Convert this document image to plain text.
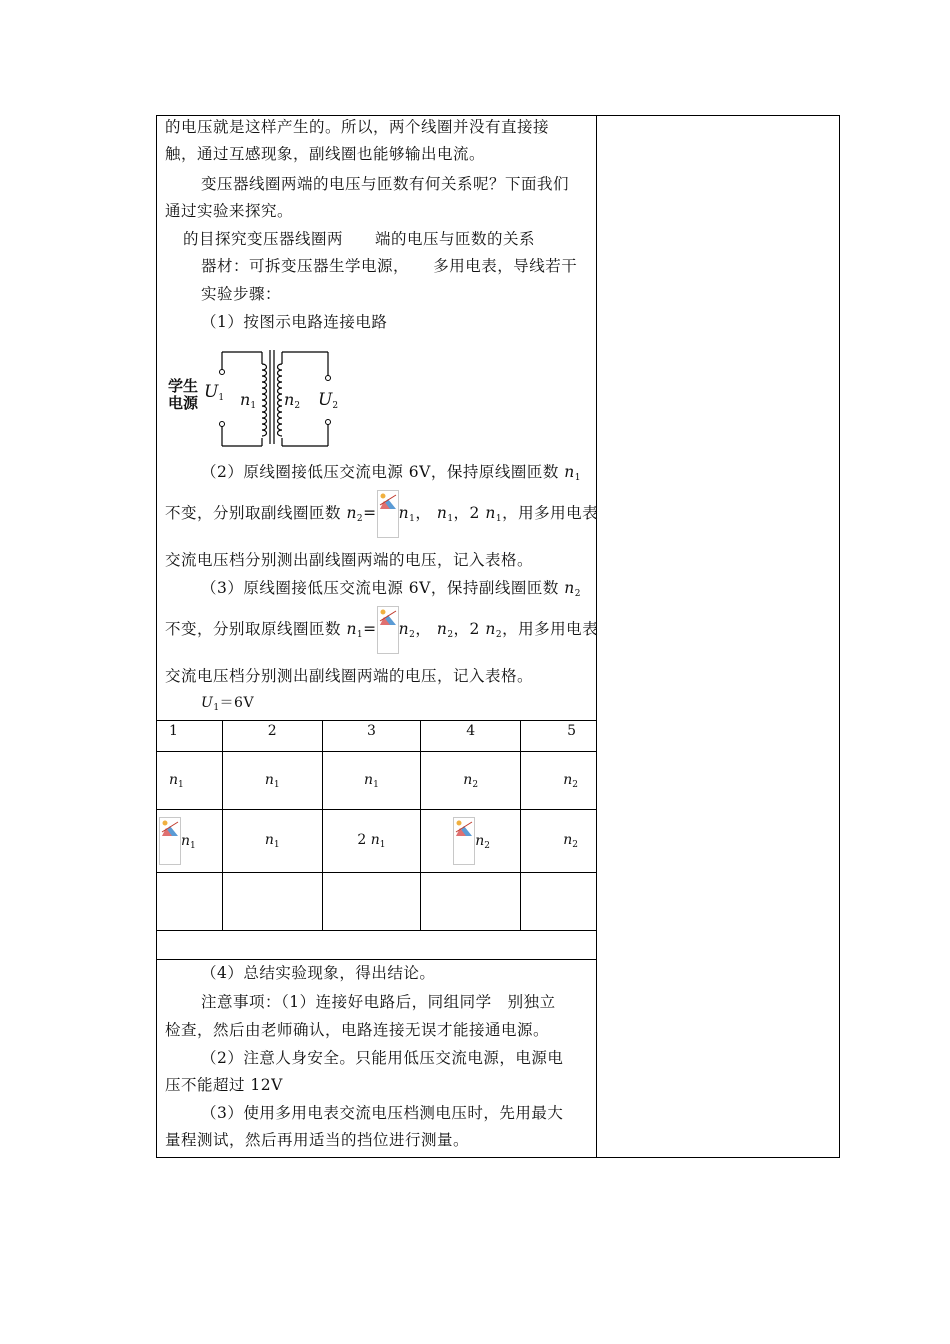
的电压就是这样产生的。所以，两个线圈并没有直接接
触，通过互感现象，副线圈也能够输出电流。
变压器线圈两端的电压与匝数有何关系呢？下面我们
通过实验来探究。
的目探究变压器线圈两　　端的电压与匝数的关系
器材：可拆变压器生学电源，　　多用电表，导线若干
实验步骤：
（1）按图示电路连接电路
学生
电源
$U_1$ $n_1$ $n_2$ $U_2$
（2）原线圈接低压交流电源 6V，保持原线圈匝数 $n_1$
不变，分别取副线圈匝数 $n_2= n_1$， $n_1$，2 $n_1$，用多用电表
交流电压档分别测出副线圈两端的电压，记入表格。
（3）原线圈接低压交流电源 6V，保持副线圈匝数 $n_2$
不变，分别取原线圈匝数 $n_1= n_2$， $n_2$，2 $n_2$，用多用电表
交流电压档分别测出副线圈两端的电压，记入表格。
$U_1=6V$
1	2	3	4	5
$n_1$	$n_1$	$n_1$	$n_2$	$n_2$

$n_1$	$n_1$	2 $n_1$	$n_2$	$n_2$

（4）总结实验现象，得出结论。
注意事项：（1）连接好电路后，同组同学　别独立
检查，然后由老师确认，电路连接无误才能接通电源。
（2）注意人身安全。只能用低压交流电源，电源电
压不能超过 12V
（3）使用多用电表交流电压档测电压时，先用最大
量程测试，然后再用适当的挡位进行测量。
